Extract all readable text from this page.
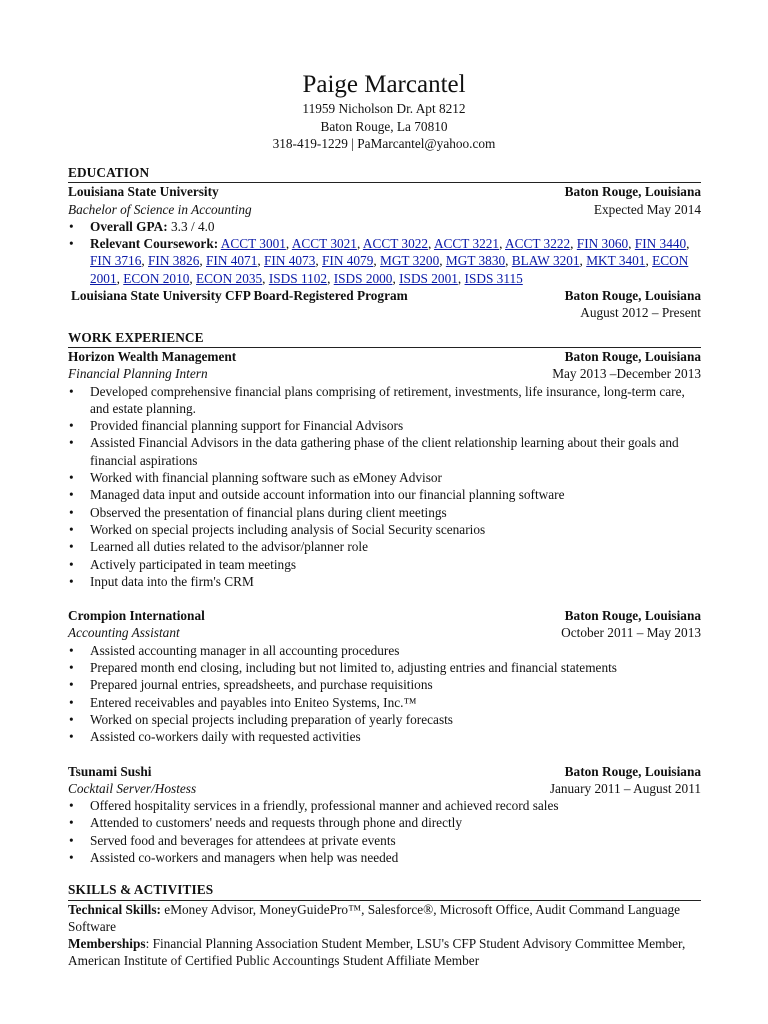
Paige Marcantel
11959 Nicholson Dr. Apt 8212
Baton Rouge, La 70810
318-419-1229 | PaMarcantel@yahoo.com
EDUCATION
Louisiana State University	Baton Rouge, Louisiana
Bachelor of Science in Accounting	Expected May 2014
• Overall GPA: 3.3 / 4.0
• Relevant Coursework: ACCT 3001, ACCT 3021, ACCT 3022, ACCT 3221, ACCT 3222, FIN 3060, FIN 3440, FIN 3716, FIN 3826, FIN 4071, FIN 4073, FIN 4079, MGT 3200, MGT 3830, BLAW 3201, MKT 3401, ECON 2001, ECON 2010, ECON 2035, ISDS 1102, ISDS 2000, ISDS 2001, ISDS 3115
Louisiana State University CFP Board-Registered Program	Baton Rouge, Louisiana
August 2012 – Present
WORK EXPERIENCE
Horizon Wealth Management	Baton Rouge, Louisiana
Financial Planning Intern	May 2013 –December 2013
• Developed comprehensive financial plans comprising of retirement, investments, life insurance, long-term care, and estate planning.
• Provided financial planning support for Financial Advisors
• Assisted Financial Advisors in the data gathering phase of the client relationship learning about their goals and financial aspirations
• Worked with financial planning software such as eMoney Advisor
• Managed data input and outside account information into our financial planning software
• Observed the presentation of financial plans during client meetings
• Worked on special projects including analysis of Social Security scenarios
• Learned all duties related to the advisor/planner role
• Actively participated in team meetings
• Input data into the firm's CRM
Crompion International	Baton Rouge, Louisiana
Accounting Assistant	October 2011 – May 2013
• Assisted accounting manager in all accounting procedures
• Prepared month end closing, including but not limited to, adjusting entries and financial statements
• Prepared journal entries, spreadsheets, and purchase requisitions
• Entered receivables and payables into Eniteo Systems, Inc.™
• Worked on special projects including preparation of yearly forecasts
• Assisted co-workers daily with requested activities
Tsunami Sushi	Baton Rouge, Louisiana
Cocktail Server/Hostess	January 2011 – August 2011
• Offered hospitality services in a friendly, professional manner and achieved record sales
• Attended to customers' needs and requests through phone and directly
• Served food and beverages for attendees at private events
• Assisted co-workers and managers when help was needed
SKILLS & ACTIVITIES
Technical Skills: eMoney Advisor, MoneyGuidePro™, Salesforce®, Microsoft Office, Audit Command Language Software
Memberships: Financial Planning Association Student Member, LSU's CFP Student Advisory Committee Member, American Institute of Certified Public Accountings Student Affiliate Member
